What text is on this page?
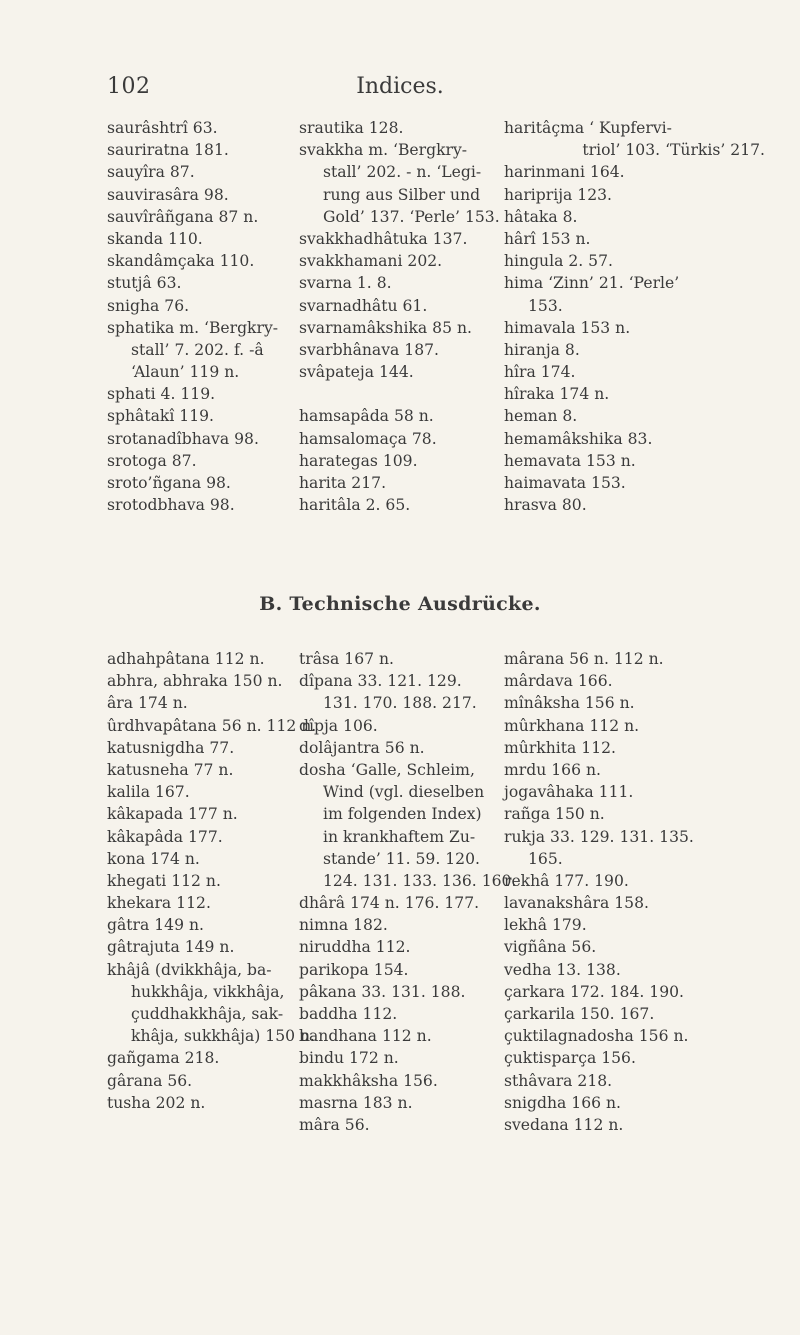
102	Indices.
saurâshtrî 63.
sauriratna 181.
sauyîra 87.
sauvirasâra 98.
sauvîrâñgana 87 n.
skanda 110.
skandâmçaka 110.
stutjâ 63.
snigha 76.
sphatika m. ‘Bergkry-
stall’ 7. 202. f. -â
‘Alaun’ 119 n.
sphati 4. 119.
sphâtakî 119.
srotanadîbhava 98.
srotoga 87.
sroto’ñgana 98.
srotodbhava 98.
srautika 128.
svakkha m. ‘Bergkry-
stall’ 202. - n. ‘Legi-
rung aus Silber und
Gold’ 137. ‘Perle’ 153.
svakkhadhâtuka 137.
svakkhamani 202.
svarna 1. 8.
svarnadhâtu 61.
svarnamâkshika 85 n.
svarbhânava 187.
svâpateja 144.
hamsapâda 58 n.
hamsalomaça 78.
harategas 109.
harita 217.
haritâla 2. 65.
haritâçma ‘ Kupfervi-
triol’ 103. ‘Türkis’ 217.
harinmani 164.
hariprija 123.
hâtaka 8.
hârî 153 n.
hingula 2. 57.
hima ‘Zinn’ 21. ‘Perle’
153.
himavala 153 n.
hiranja 8.
hîra 174.
hîraka 174 n.
heman 8.
hemamâkshika 83.
hemavata 153 n.
haimavata 153.
hrasva 80.
B. Technische Ausdrücke.
adhahpâtana 112 n.
abhra, abhraka 150 n.
âra 174 n.
ûrdhvapâtana 56 n. 112 n.
katusnigdha 77.
katusneha 77 n.
kalila 167.
kâkapada 177 n.
kâkapâda 177.
kona 174 n.
khegati 112 n.
khekara 112.
gâtra 149 n.
gâtrajuta 149 n.
khâjâ (dvikkhâja, ba-
hukkhâja, vikkhâja,
çuddhakkhâja, sak-
khâja, sukkhâja) 150 n.
gañgama 218.
gârana 56.
tusha 202 n.
trâsa 167 n.
dîpana 33. 121. 129.
131. 170. 188. 217.
dîpja 106.
dolâjantra 56 n.
dosha ‘Galle, Schleim,
Wind (vgl. dieselben
im folgenden Index)
in krankhaftem Zu-
stande’ 11. 59. 120.
124. 131. 133. 136. 160.
dhârâ 174 n. 176. 177.
nimna 182.
niruddha 112.
parikopa 154.
pâkana 33. 131. 188.
baddha 112.
bandhana 112 n.
bindu 172 n.
makkhâksha 156.
masrna 183 n.
mâra 56.
mârana 56 n. 112 n.
mârdava 166.
mînâksha 156 n.
mûrkhana 112 n.
mûrkhita 112.
mrdu 166 n.
jogavâhaka 111.
rañga 150 n.
rukja 33. 129. 131. 135.
165.
rekhâ 177. 190.
lavanakshâra 158.
lekhâ 179.
vigñâna 56.
vedha 13. 138.
çarkara 172. 184. 190.
çarkarila 150. 167.
çuktilagnadosha 156 n.
çuktisparça 156.
sthâvara 218.
snigdha 166 n.
svedana 112 n.
